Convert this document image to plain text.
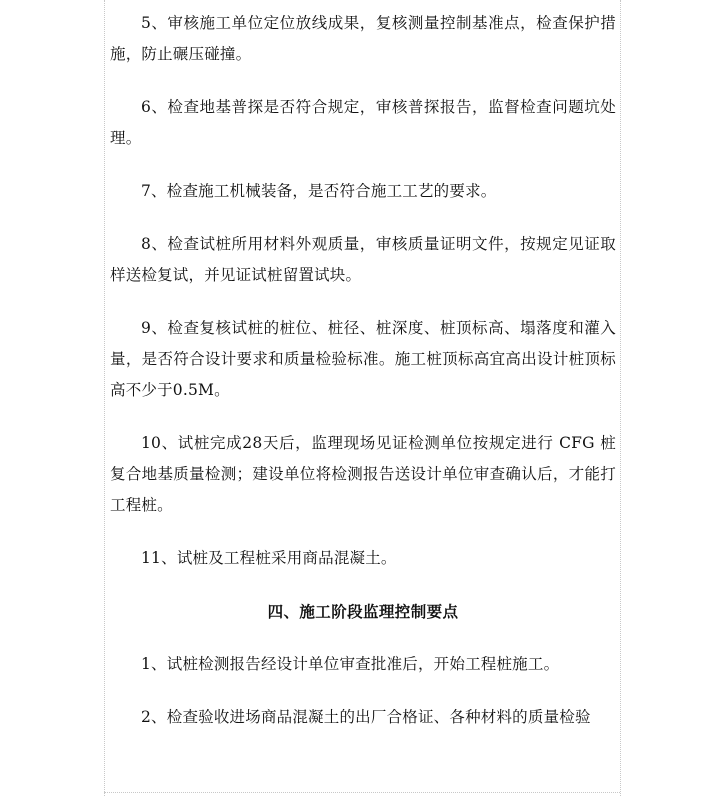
5、审核施工单位定位放线成果，复核测量控制基准点，检查保护措施，防止碾压碰撞。

6、检查地基普探是否符合规定，审核普探报告，监督检查问题坑处理。

7、检查施工机械装备，是否符合施工工艺的要求。

8、检查试桩所用材料外观质量，审核质量证明文件，按规定见证取样送检复试，并见证试桩留置试块。

9、检查复核试桩的桩位、桩径、桩深度、桩顶标高、塌落度和灌入量，是否符合设计要求和质量检验标准。施工桩顶标高宜高出设计桩顶标高不少于0.5M。

10、试桩完成28天后，监理现场见证检测单位按规定进行 CFG 桩复合地基质量检测；建设单位将检测报告送设计单位审查确认后，才能打工程桩。

11、试桩及工程桩采用商品混凝土。

四、施工阶段监理控制要点

1、试桩检测报告经设计单位审查批准后，开始工程桩施工。

2、检查验收进场商品混凝土的出厂合格证、各种材料的质量检验
